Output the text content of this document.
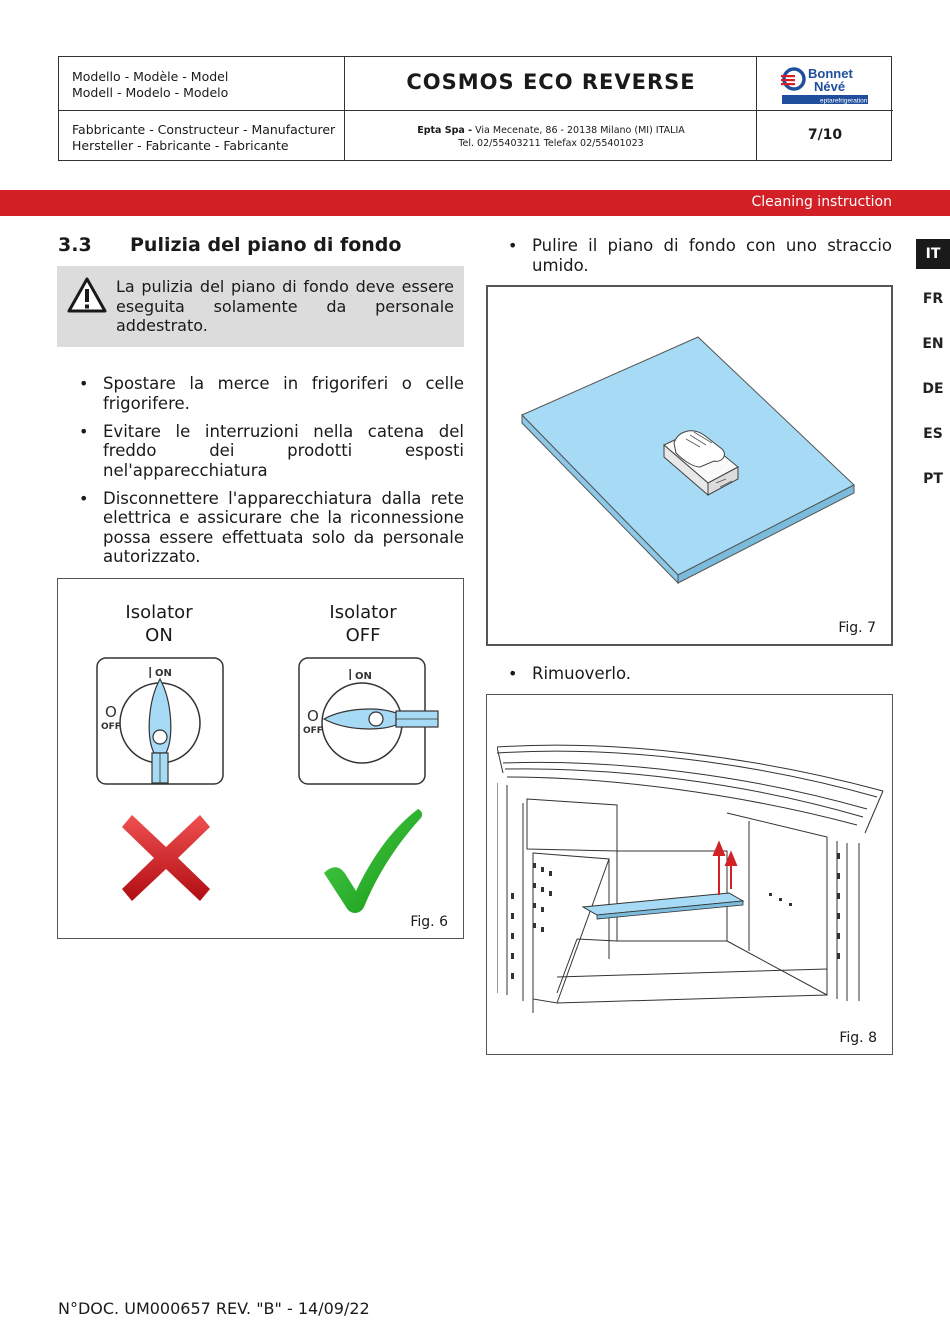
Modello - Modèle - Model
Modell - Modelo - Modelo	COSMOS ECO REVERSE	Bonnet
Névé
eptarefrigeration
Fabbricante - Constructeur - Manufacturer
Hersteller - Fabricante - Fabricante
Epta Spa - Via Mecenate, 86 - 20138 Milano (MI) ITALIA
Tel. 02/55403211 Telefax 02/55401023
7/10
Cleaning instruction
IT
FR
EN
DE
ES
PT
3.3 Pulizia del piano di fondo
La pulizia del piano di fondo deve essere eseguita solamente da personale addestrato.
• Spostare la merce in frigoriferi o celle frigorifere.
• Evitare le interruzioni nella catena del freddo dei prodotti esposti nel'apparecchiatura
• Disconnettere l'apparecchiatura dalla rete elettrica e assicurare che la riconnessione possa essere effettuata solo da personale autorizzato.
Isolator
ON
Isolator
OFF
I ON
O
OFF
I ON
O
OFF
Fig. 6
• Pulire il piano di fondo con uno straccio umido.
Fig. 7
• Rimuoverlo.
Fig. 8
N°DOC. UM000657 REV. "B" - 14/09/22
